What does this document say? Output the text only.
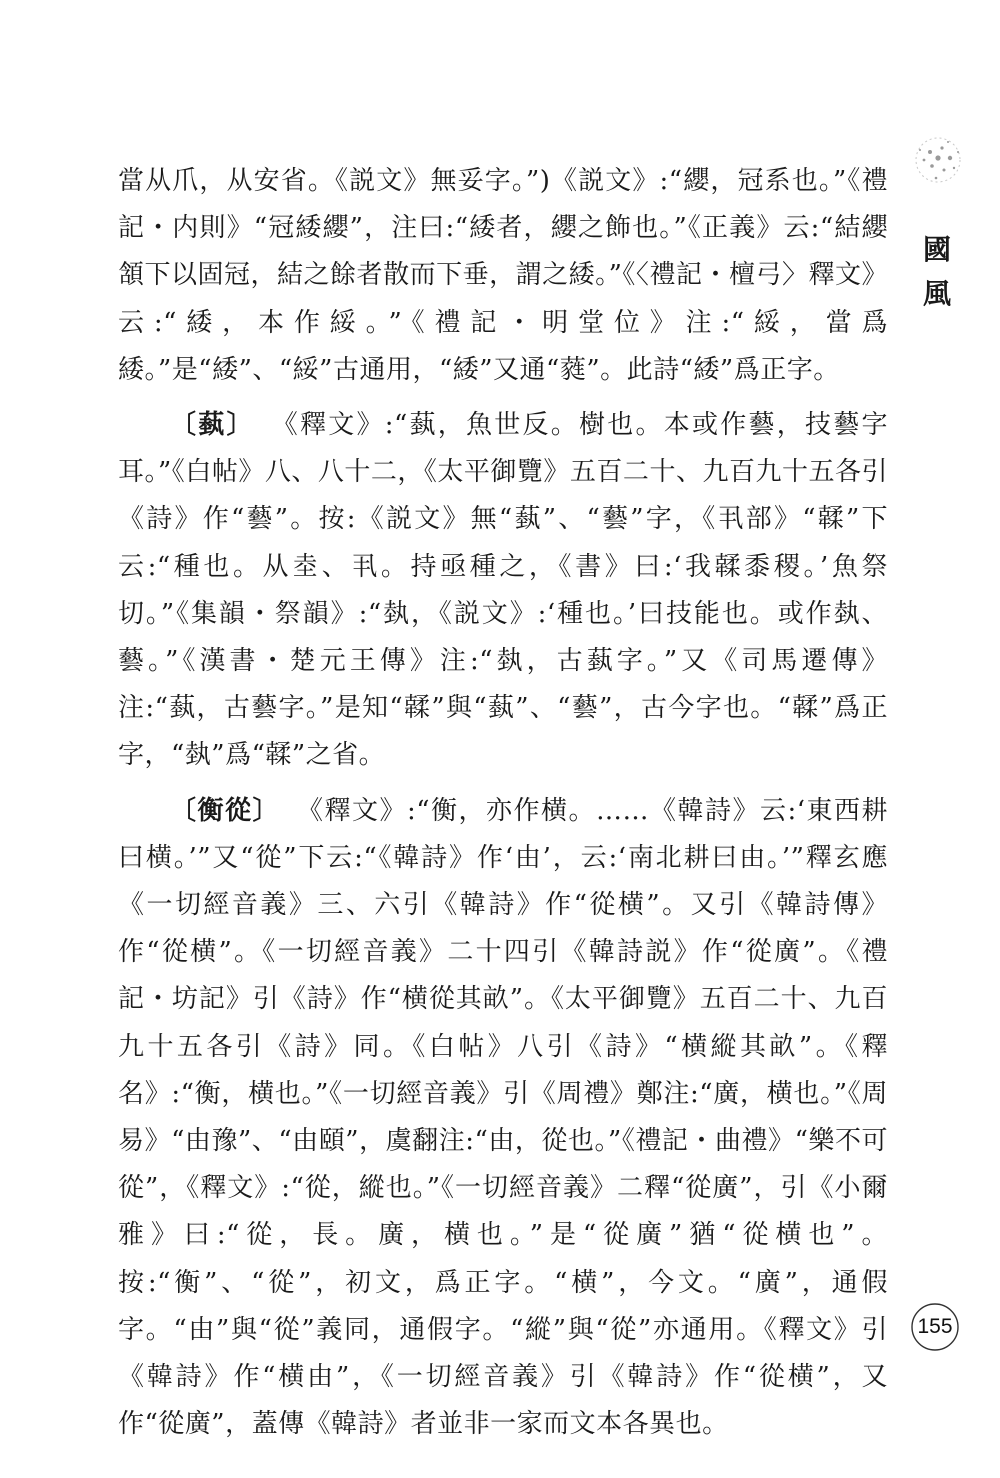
國
風

當从爪，从安省。《説文》無妥字。”)《説文》:“纓，冠系也。”《禮記・内則》“冠緌纓”，注曰:“緌者，纓之飾也。”《正義》云:“結纓頷下以固冠，結之餘者散而下垂，謂之緌。”《〈禮記・檀弓〉釋文》云:“緌，本作綏。”《禮記・明堂位》注:“綏，當爲緌。”是“緌”、“綏”古通用，“緌”又通“蕤”。此詩“緌”爲正字。

〔蓺〕 《釋文》:“蓺，魚世反。樹也。本或作藝，技藝字耳。”《白帖》八、八十二，《太平御覽》五百二十、九百九十五各引《詩》作“藝”。按:《説文》無“蓺”、“藝”字，《丮部》“䂋”下云:“種也。从坴、丮。持亟種之，《書》曰:‘我䂋黍稷。’魚祭切。”《集韻・祭韻》:“埶，《説文》:‘種也。’曰技能也。或作埶、藝。”《漢書・楚元王傳》注:“埶，古蓺字。”又《司馬遷傳》注:“蓺，古藝字。”是知“䂋”與“蓺”、“藝”，古今字也。“䂋”爲正字，“埶”爲“䂋”之省。

〔衡從〕 《釋文》:“衡，亦作横。……《韓詩》云:‘東西耕曰横。’”又“從”下云:“《韓詩》作‘由’，云:‘南北耕曰由。’”釋玄應《一切經音義》三、六引《韓詩》作“從横”。又引《韓詩傳》作“從横”。《一切經音義》二十四引《韓詩説》作“從廣”。《禮記・坊記》引《詩》作“横從其畝”。《太平御覽》五百二十、九百九十五各引《詩》同。《白帖》八引《詩》“横縱其畝”。《釋名》:“衡，横也。”《一切經音義》引《周禮》鄭注:“廣，横也。”《周易》“由豫”、“由頤”，虞翻注:“由，從也。”《禮記・曲禮》“樂不可從”，《釋文》:“從，縱也。”《一切經音義》二釋“從廣”，引《小爾雅》曰:“從，長。廣，横也。”是“從廣”猶“從横也”。按:“衡”、“從”，初文，爲正字。“横”，今文。“廣”，通假字。“由”與“從”義同，通假字。“縱”與“從”亦通用。《釋文》引《韓詩》作“横由”，《一切經音義》引《韓詩》作“從横”，又作“從廣”，蓋傳《韓詩》者並非一家而文本各異也。

155
